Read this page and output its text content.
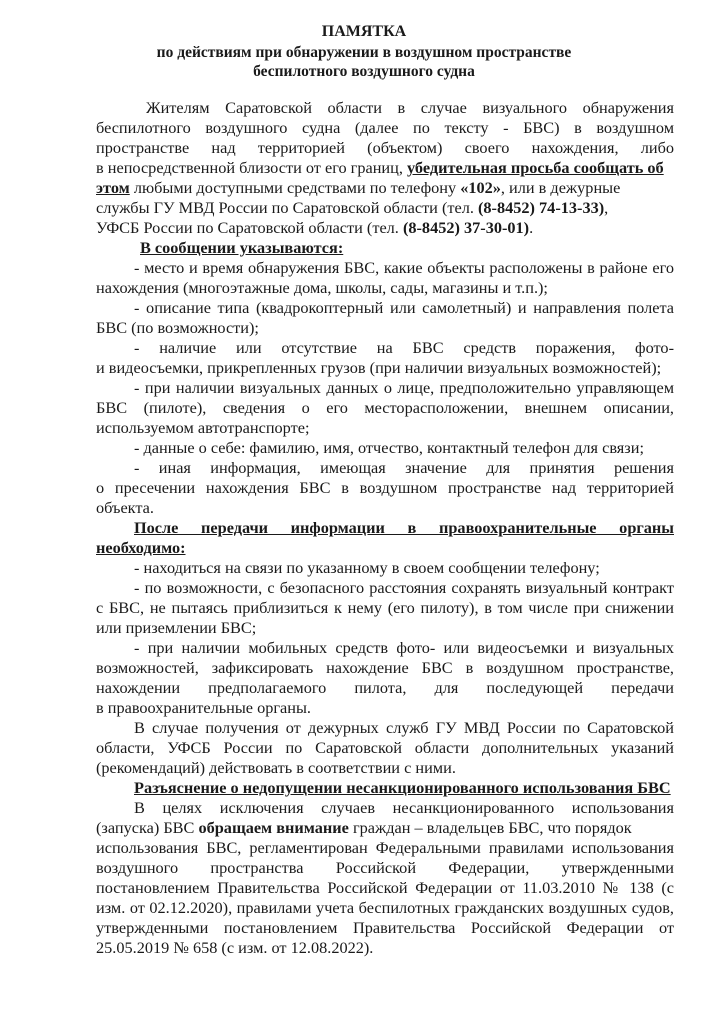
ПАМЯТКА

по действиям при обнаружении в воздушном пространстве

беспилотного воздушного судна

Жителям Саратовской области в случае визуального обнаружения

беспилотного воздушного судна (далее по тексту - БВС) в воздушном

пространстве над территорией (объектом) своего нахождения, либо

в непосредственной близости от его границ, убедительная просьба сообщать об

этом любыми доступными средствами по телефону «102», или в дежурные

службы ГУ МВД России по Саратовской области (тел. (8-8452) 74-13-33),

УФСБ России по Саратовской области (тел. (8-8452) 37-30-01).

В сообщении указываются:

- место и время обнаружения БВС, какие объекты расположены в районе его

нахождения (многоэтажные дома, школы, сады, магазины и т.п.);

- описание типа (квадрокоптерный или самолетный) и направления полета

БВС (по возможности);

- наличие или отсутствие на БВС средств поражения, фото-

и видеосъемки, прикрепленных грузов (при наличии визуальных возможностей);

- при наличии визуальных данных о лице, предположительно управляющем

БВС (пилоте), сведения о его месторасположении, внешнем описании,

используемом автотранспорте;

- данные о себе: фамилию, имя, отчество, контактный телефон для связи;

- иная информация, имеющая значение для принятия решения

о пресечении нахождения БВС в воздушном пространстве над территорией

объекта.

После передачи информации в правоохранительные органы

необходимо:

- находиться на связи по указанному в своем сообщении телефону;

- по возможности, с безопасного расстояния сохранять визуальный контракт

с БВС, не пытаясь приблизиться к нему (его пилоту), в том числе при снижении

или приземлении БВС;

- при наличии мобильных средств фото- или видеосъемки и визуальных

возможностей, зафиксировать нахождение БВС в воздушном пространстве,

нахождении предполагаемого пилота, для последующей передачи

в правоохранительные органы.

В случае получения от дежурных служб ГУ МВД России по Саратовской

области, УФСБ России по Саратовской области дополнительных указаний

(рекомендаций) действовать в соответствии с ними.

Разъяснение о недопущении несанкционированного использования БВС

В целях исключения случаев несанкционированного использования

(запуска) БВС обращаем внимание граждан – владельцев БВС, что порядок

использования БВС, регламентирован Федеральными правилами использования

воздушного пространства Российской Федерации, утвержденными

постановлением Правительства Российской Федерации от 11.03.2010 № 138 (с

изм. от 02.12.2020), правилами учета беспилотных гражданских воздушных судов,

утвержденными постановлением Правительства Российской Федерации от

25.05.2019 № 658 (с изм. от 12.08.2022).
